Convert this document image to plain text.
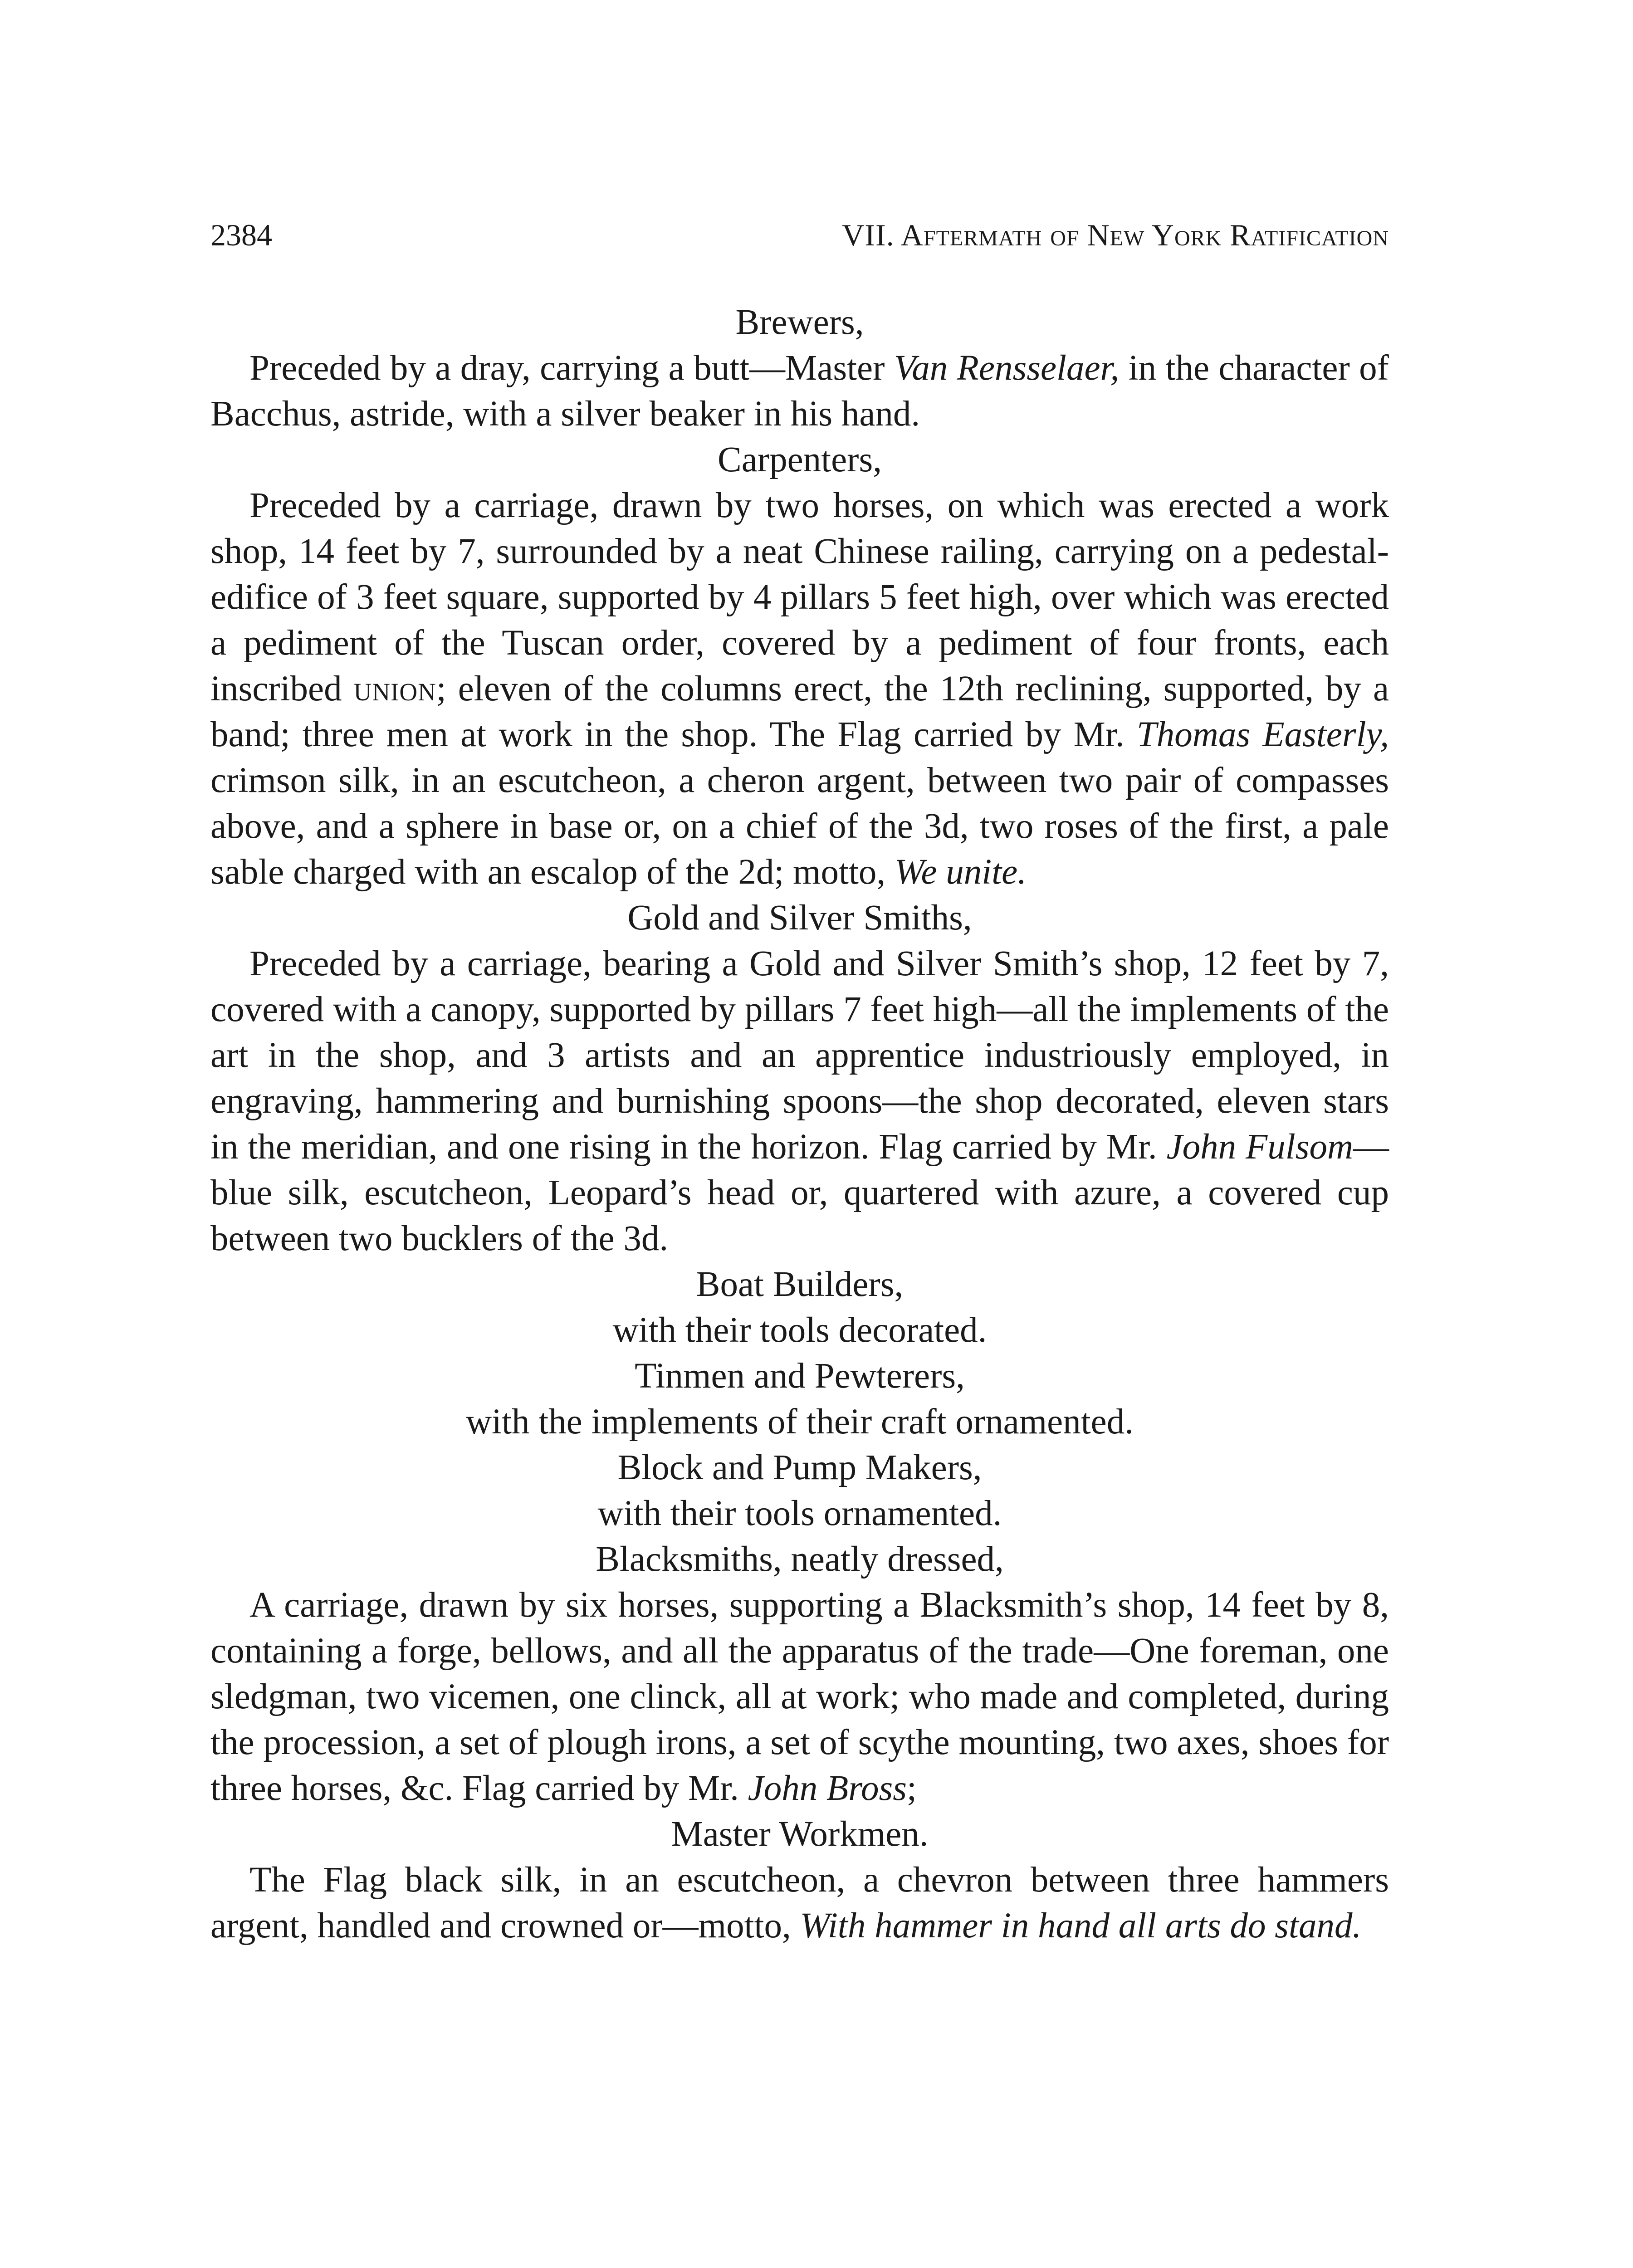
2384	VII. Aftermath of New York Ratification

Brewers,

Preceded by a dray, carrying a butt—Master Van Rensselaer, in the character of Bacchus, astride, with a silver beaker in his hand.

Carpenters,

Preceded by a carriage, drawn by two horses, on which was erected a work shop, 14 feet by 7, surrounded by a neat Chinese railing, carrying on a pedestal-edifice of 3 feet square, supported by 4 pillars 5 feet high, over which was erected a pediment of the Tuscan order, covered by a pediment of four fronts, each inscribed union; eleven of the columns erect, the 12th reclining, supported, by a band; three men at work in the shop. The Flag carried by Mr. Thomas Easterly, crimson silk, in an escutcheon, a cheron argent, between two pair of compasses above, and a sphere in base or, on a chief of the 3d, two roses of the first, a pale sable charged with an escalop of the 2d; motto, We unite.

Gold and Silver Smiths,

Preceded by a carriage, bearing a Gold and Silver Smith’s shop, 12 feet by 7, covered with a canopy, supported by pillars 7 feet high—all the implements of the art in the shop, and 3 artists and an apprentice industriously employed, in engraving, hammering and burnishing spoons—the shop decorated, eleven stars in the meridian, and one rising in the horizon. Flag carried by Mr. John Fulsom—blue silk, escutcheon, Leopard’s head or, quartered with azure, a covered cup between two bucklers of the 3d.

Boat Builders,

with their tools decorated.

Tinmen and Pewterers,

with the implements of their craft ornamented.

Block and Pump Makers,

with their tools ornamented.

Blacksmiths, neatly dressed,

A carriage, drawn by six horses, supporting a Blacksmith’s shop, 14 feet by 8, containing a forge, bellows, and all the apparatus of the trade—One foreman, one sledgman, two vicemen, one clinck, all at work; who made and completed, during the procession, a set of plough irons, a set of scythe mounting, two axes, shoes for three horses, &c. Flag carried by Mr. John Bross;

Master Workmen.

The Flag black silk, in an escutcheon, a chevron between three hammers argent, handled and crowned or—motto, With hammer in hand all arts do stand.
